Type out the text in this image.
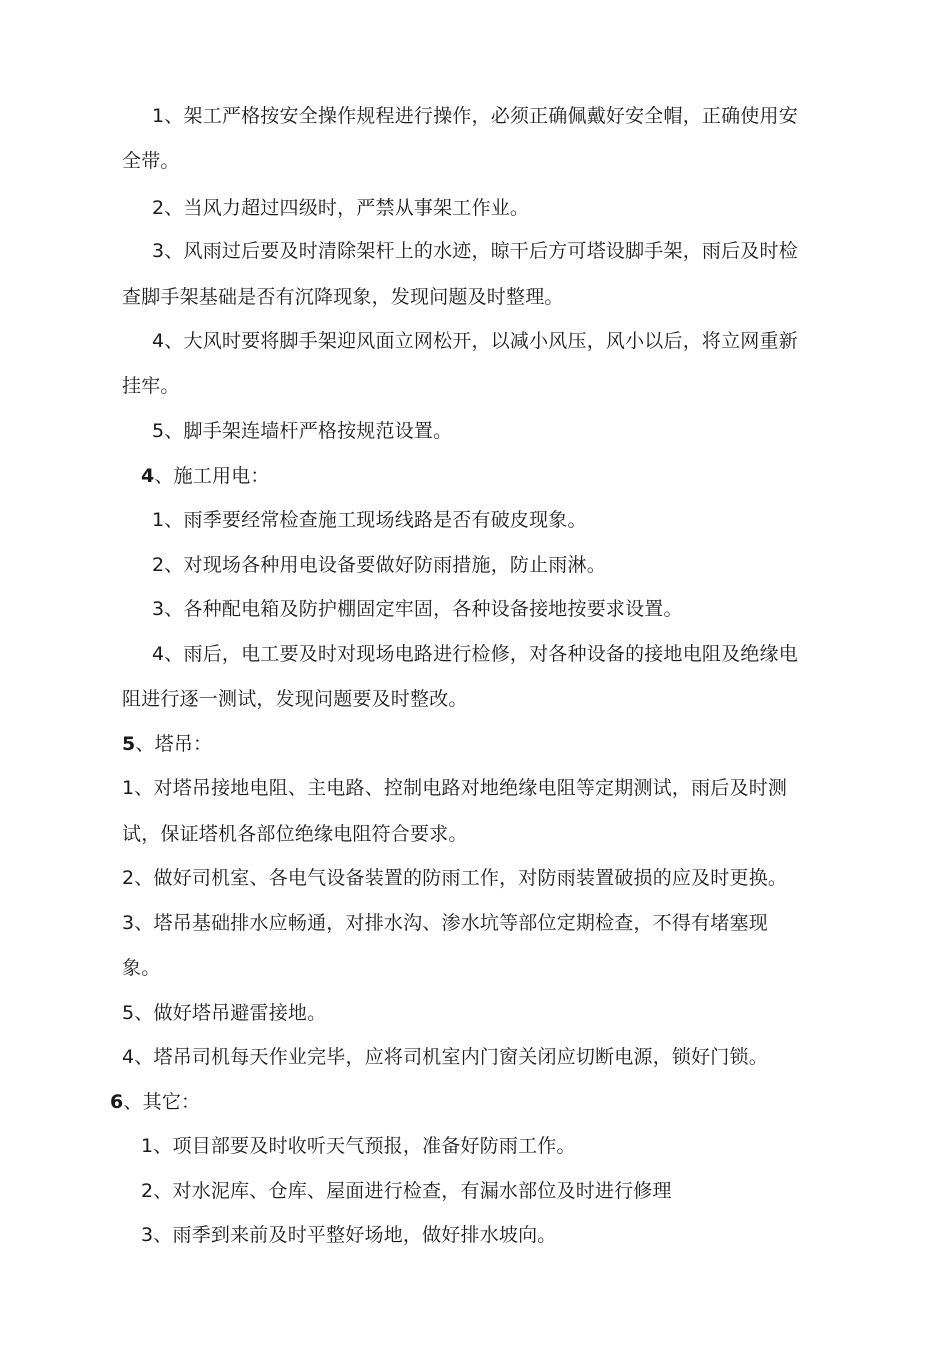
1、架工严格按安全操作规程进行操作，必须正确佩戴好安全帽，正确使用安
全带。
2、当风力超过四级时，严禁从事架工作业。
3、风雨过后要及时清除架杆上的水迹，晾干后方可塔设脚手架，雨后及时检
查脚手架基础是否有沉降现象，发现问题及时整理。
4、大风时要将脚手架迎风面立网松开，以减小风压，风小以后，将立网重新
挂牢。
5、脚手架连墙杆严格按规范设置。
4、施工用电：
1、雨季要经常检查施工现场线路是否有破皮现象。
2、对现场各种用电设备要做好防雨措施，防止雨淋。
3、各种配电箱及防护棚固定牢固，各种设备接地按要求设置。
4、雨后，电工要及时对现场电路进行检修，对各种设备的接地电阻及绝缘电
阻进行逐一测试，发现问题要及时整改。
5、塔吊：
1、对塔吊接地电阻、主电路、控制电路对地绝缘电阻等定期测试，雨后及时测
试，保证塔机各部位绝缘电阻符合要求。
2、做好司机室、各电气设备装置的防雨工作，对防雨装置破损的应及时更换。
3、塔吊基础排水应畅通，对排水沟、渗水坑等部位定期检查，不得有堵塞现
象。
5、做好塔吊避雷接地。
4、塔吊司机每天作业完毕，应将司机室内门窗关闭应切断电源，锁好门锁。
6、其它：
1、项目部要及时收听天气预报，准备好防雨工作。
2、对水泥库、仓库、屋面进行检查，有漏水部位及时进行修理
3、雨季到来前及时平整好场地，做好排水坡向。
